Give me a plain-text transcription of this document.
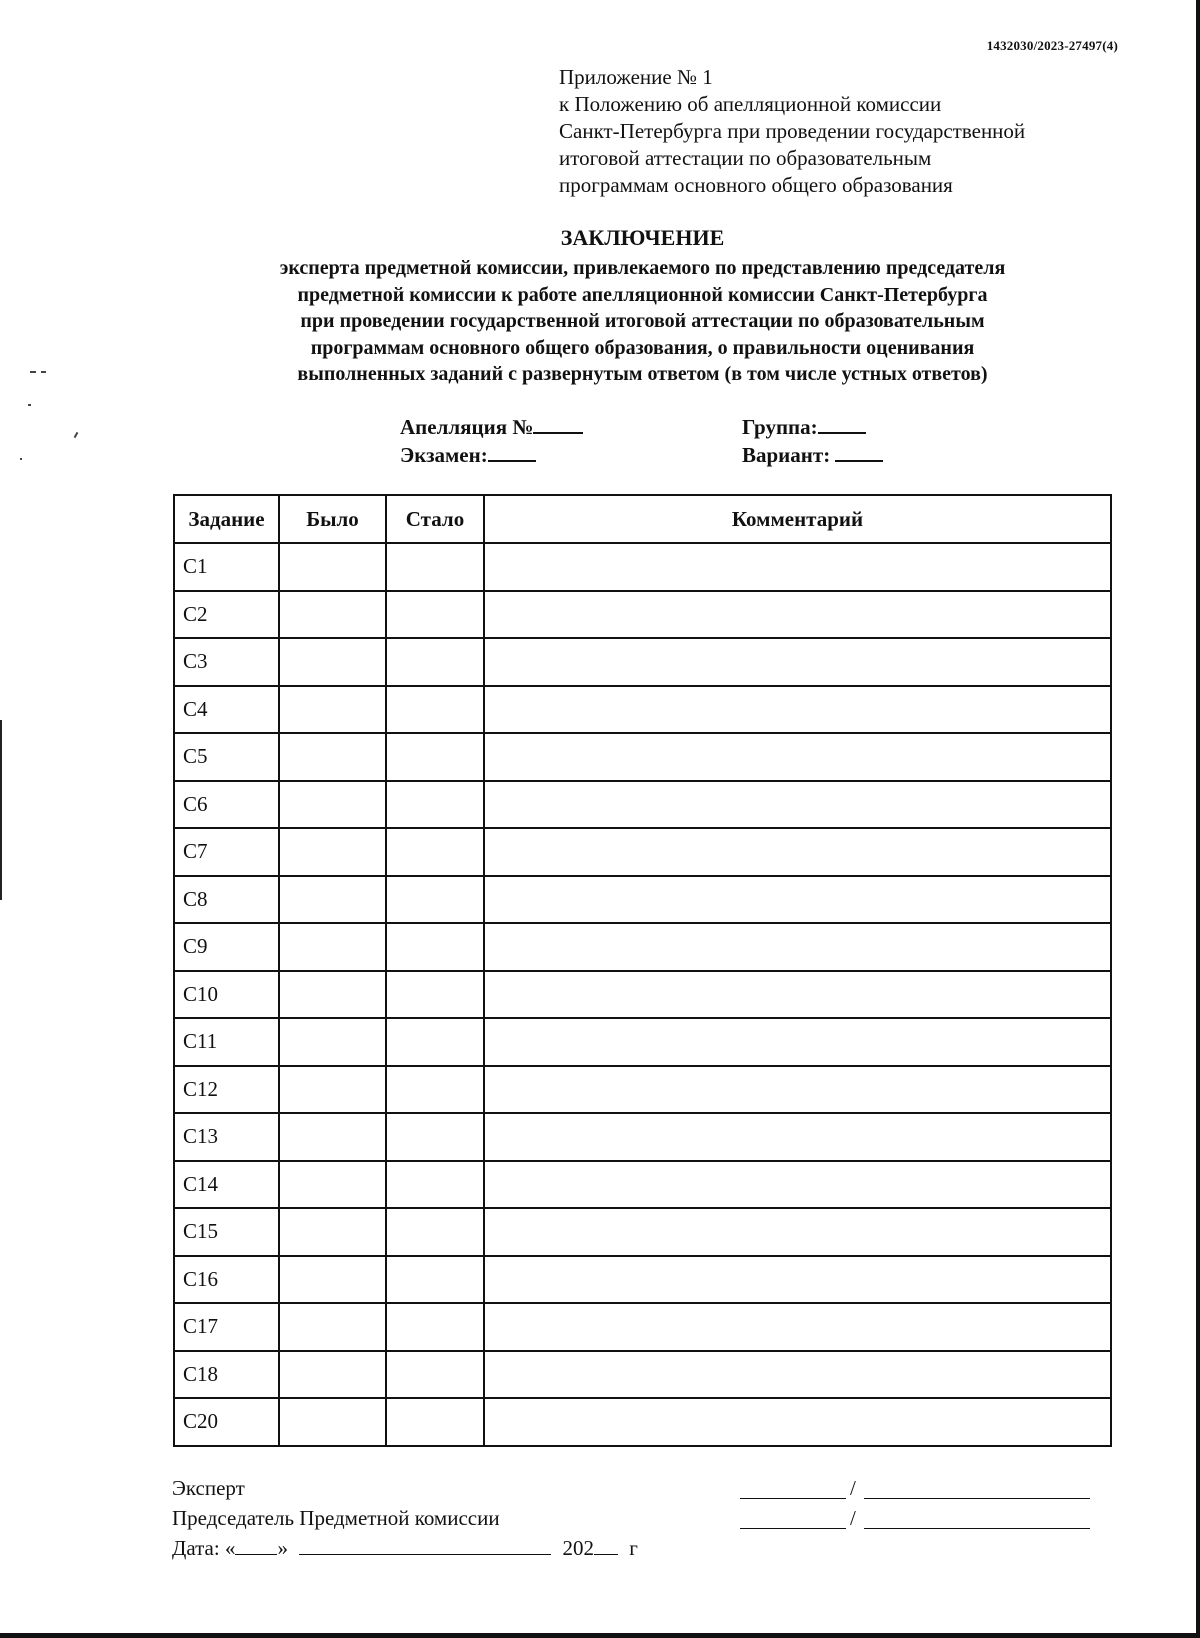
1432030/2023-27497(4)
Приложение № 1
к Положению об апелляционной комиссии
Санкт-Петербурга при проведении государственной
итоговой аттестации по образовательным
программам основного общего образования
ЗАКЛЮЧЕНИЕ
эксперта предметной комиссии, привлекаемого по представлению председателя
предметной комиссии к работе апелляционной комиссии Санкт-Петербурга
при проведении государственной итоговой аттестации по образовательным
программам основного общего образования, о правильности оценивания
выполненных заданий с развернутым ответом (в том числе устных ответов)
Апелляция №	Группа:
Экзамен:	Вариант:
Задание	Было	Стало	Комментарий
C1			
C2			
C3			
C4			
C5			
C6			
C7			
C8			
C9			
C10			
C11			
C12			
C13			
C14			
C15			
C16			
C17			
C18			
C20			
Эксперт
Председатель Предметной комиссии
Дата: « »	202 г
/
/
